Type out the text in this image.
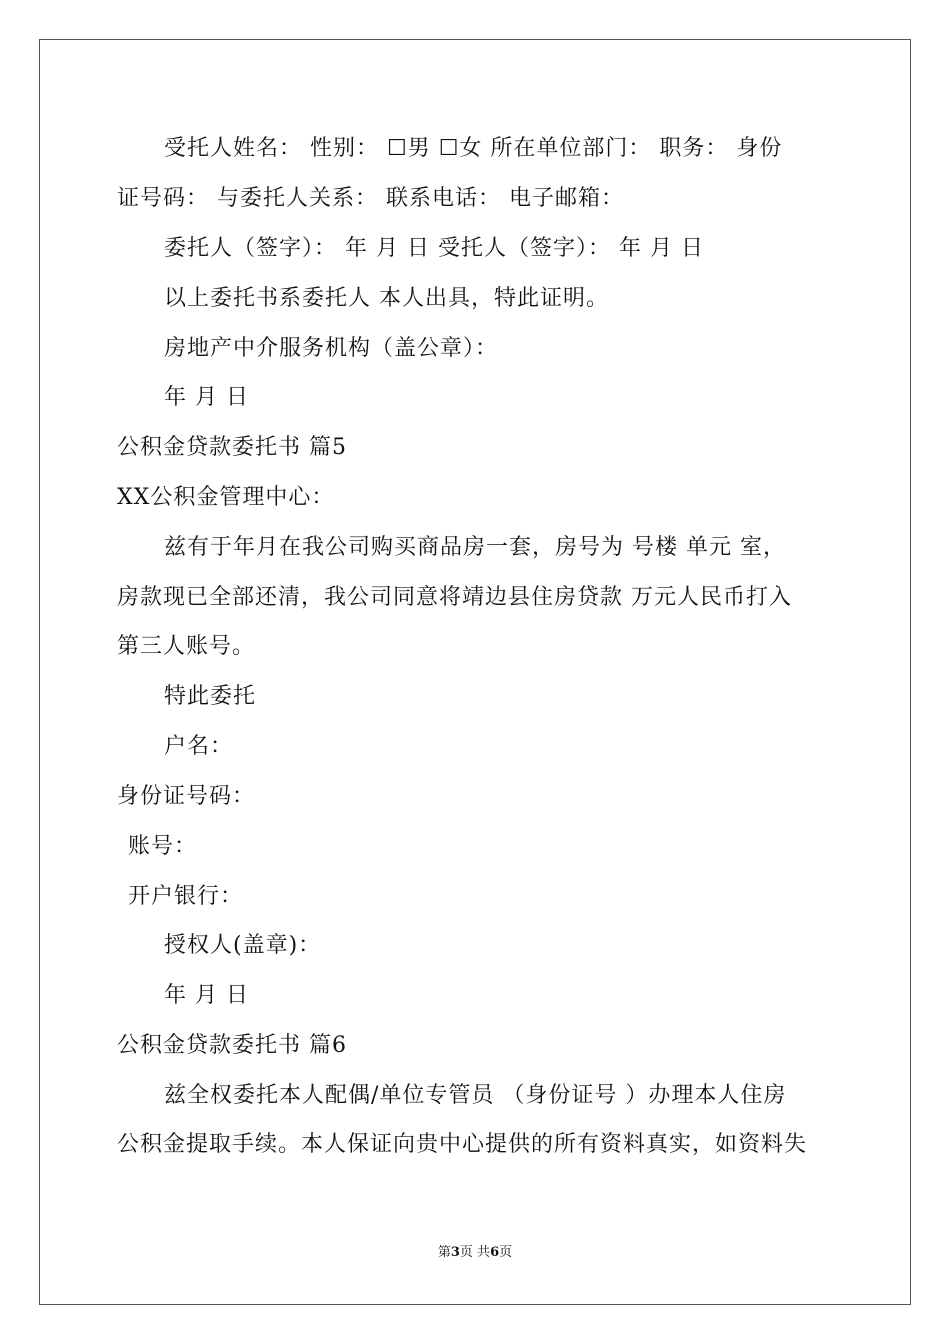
受托人姓名： 性别： ☐男 ☐女 所在单位部门： 职务： 身份
证号码： 与委托人关系： 联系电话： 电子邮箱：
委托人（签字）： 年 月 日 受托人（签字）： 年 月 日
以上委托书系委托人 本人出具，特此证明。
房地产中介服务机构（盖公章）：
年 月 日
公积金贷款委托书 篇5
XX公积金管理中心：
兹有于年月在我公司购买商品房一套，房号为 号楼 单元 室，
房款现已全部还清，我公司同意将靖边县住房贷款 万元人民币打入
第三人账号。
特此委托
户名：
身份证号码：
账号：
开户银行：
授权人(盖章)：
年 月 日
公积金贷款委托书 篇6
兹全权委托本人配偶/单位专管员 （身份证号 ）办理本人住房
公积金提取手续。本人保证向贵中心提供的所有资料真实，如资料失
第3页 共6页
